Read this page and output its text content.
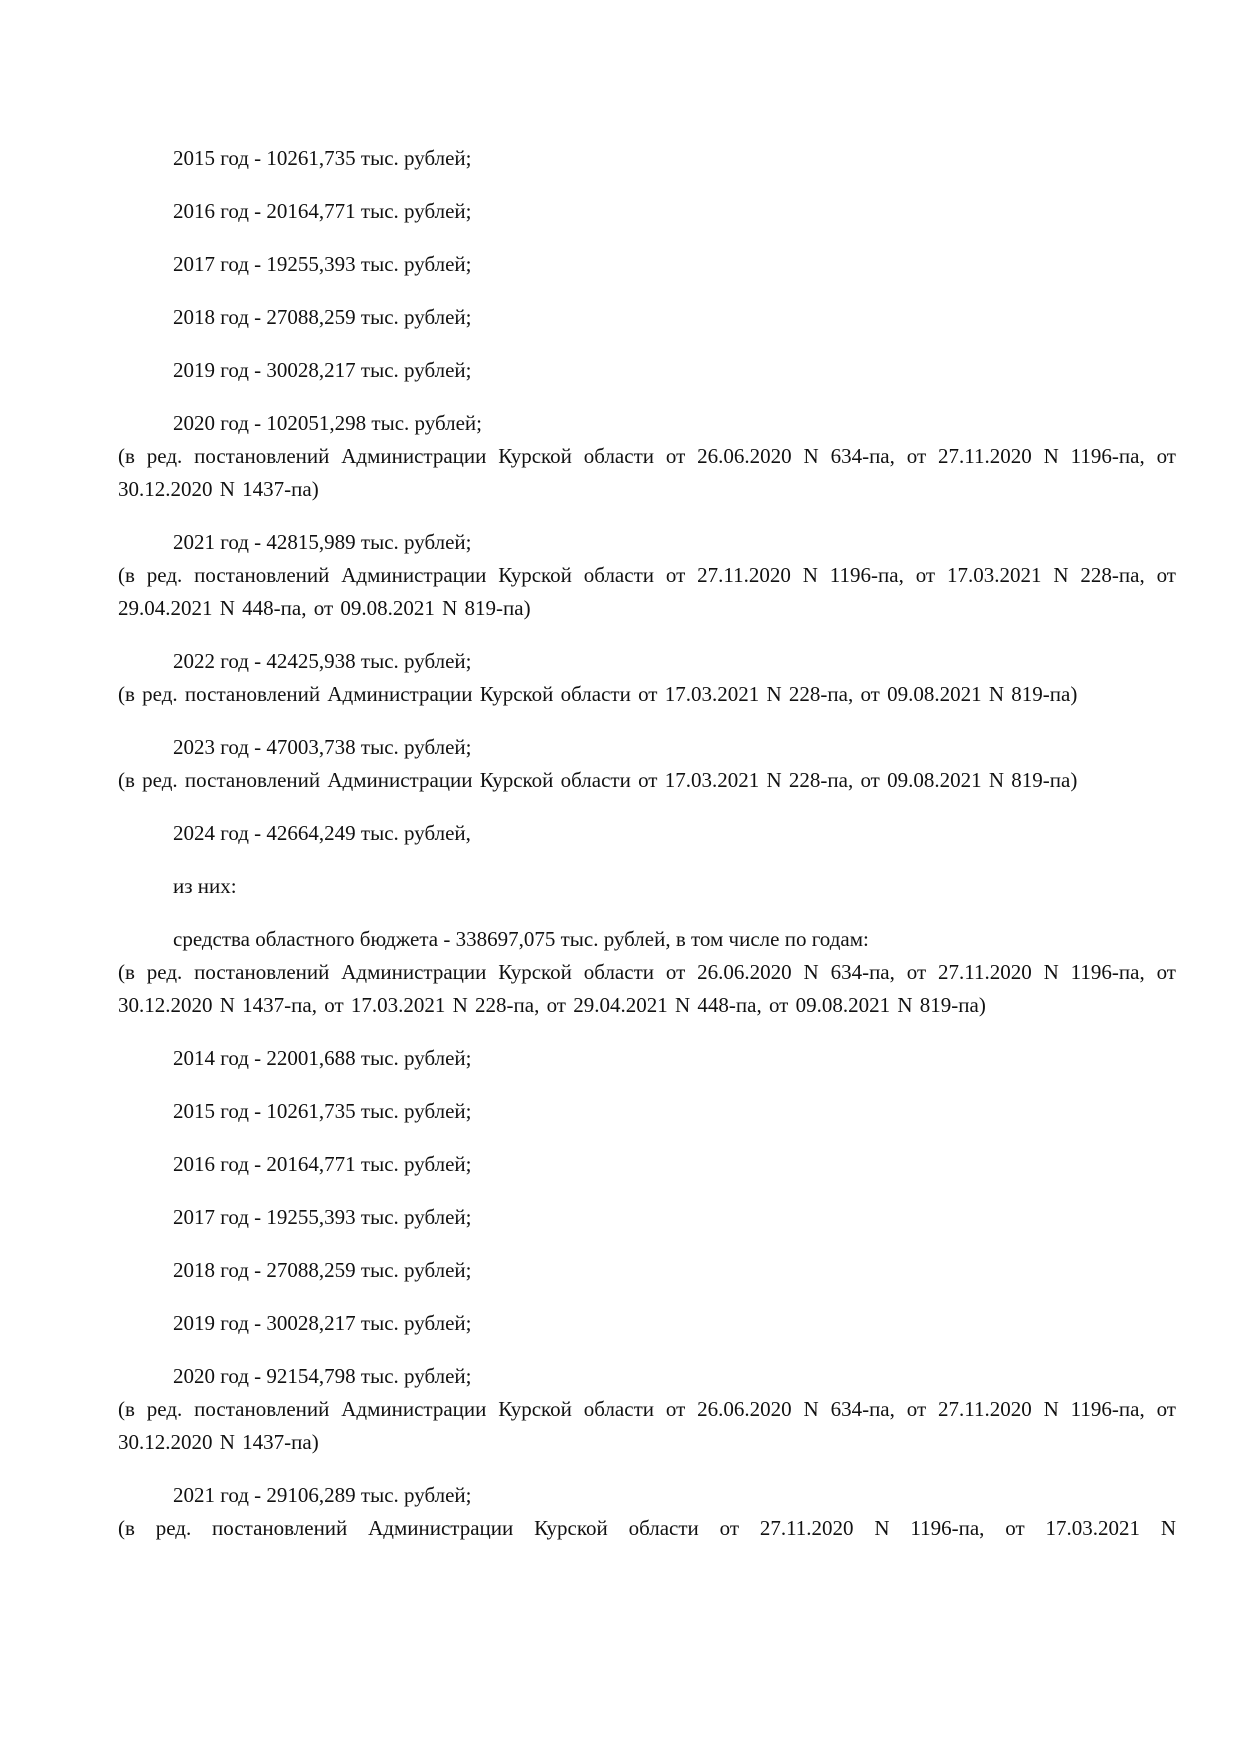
2015 год - 10261,735 тыс. рублей;

2016 год - 20164,771 тыс. рублей;

2017 год - 19255,393 тыс. рублей;

2018 год - 27088,259 тыс. рублей;

2019 год - 30028,217 тыс. рублей;

2020 год - 102051,298 тыс. рублей;

(в ред. постановлений Администрации Курской области от 26.06.2020 N 634-па, от 27.11.2020 N 1196-па, от 30.12.2020 N 1437-па)

2021 год - 42815,989 тыс. рублей;

(в ред. постановлений Администрации Курской области от 27.11.2020 N 1196-па, от 17.03.2021 N 228-па, от 29.04.2021 N 448-па, от 09.08.2021 N 819-па)

2022 год - 42425,938 тыс. рублей;

(в ред. постановлений Администрации Курской области от 17.03.2021 N 228-па, от 09.08.2021 N 819-па)

2023 год - 47003,738 тыс. рублей;

(в ред. постановлений Администрации Курской области от 17.03.2021 N 228-па, от 09.08.2021 N 819-па)

2024 год - 42664,249 тыс. рублей,

из них:

средства областного бюджета - 338697,075 тыс. рублей, в том числе по годам:

(в ред. постановлений Администрации Курской области от 26.06.2020 N 634-па, от 27.11.2020 N 1196-па, от 30.12.2020 N 1437-па, от 17.03.2021 N 228-па, от 29.04.2021 N 448-па, от 09.08.2021 N 819-па)

2014 год - 22001,688 тыс. рублей;

2015 год - 10261,735 тыс. рублей;

2016 год - 20164,771 тыс. рублей;

2017 год - 19255,393 тыс. рублей;

2018 год - 27088,259 тыс. рублей;

2019 год - 30028,217 тыс. рублей;

2020 год - 92154,798 тыс. рублей;

(в ред. постановлений Администрации Курской области от 26.06.2020 N 634-па, от 27.11.2020 N 1196-па, от 30.12.2020 N 1437-па)

2021 год - 29106,289 тыс. рублей;

(в ред. постановлений Администрации Курской области от 27.11.2020 N 1196-па, от 17.03.2021 N
